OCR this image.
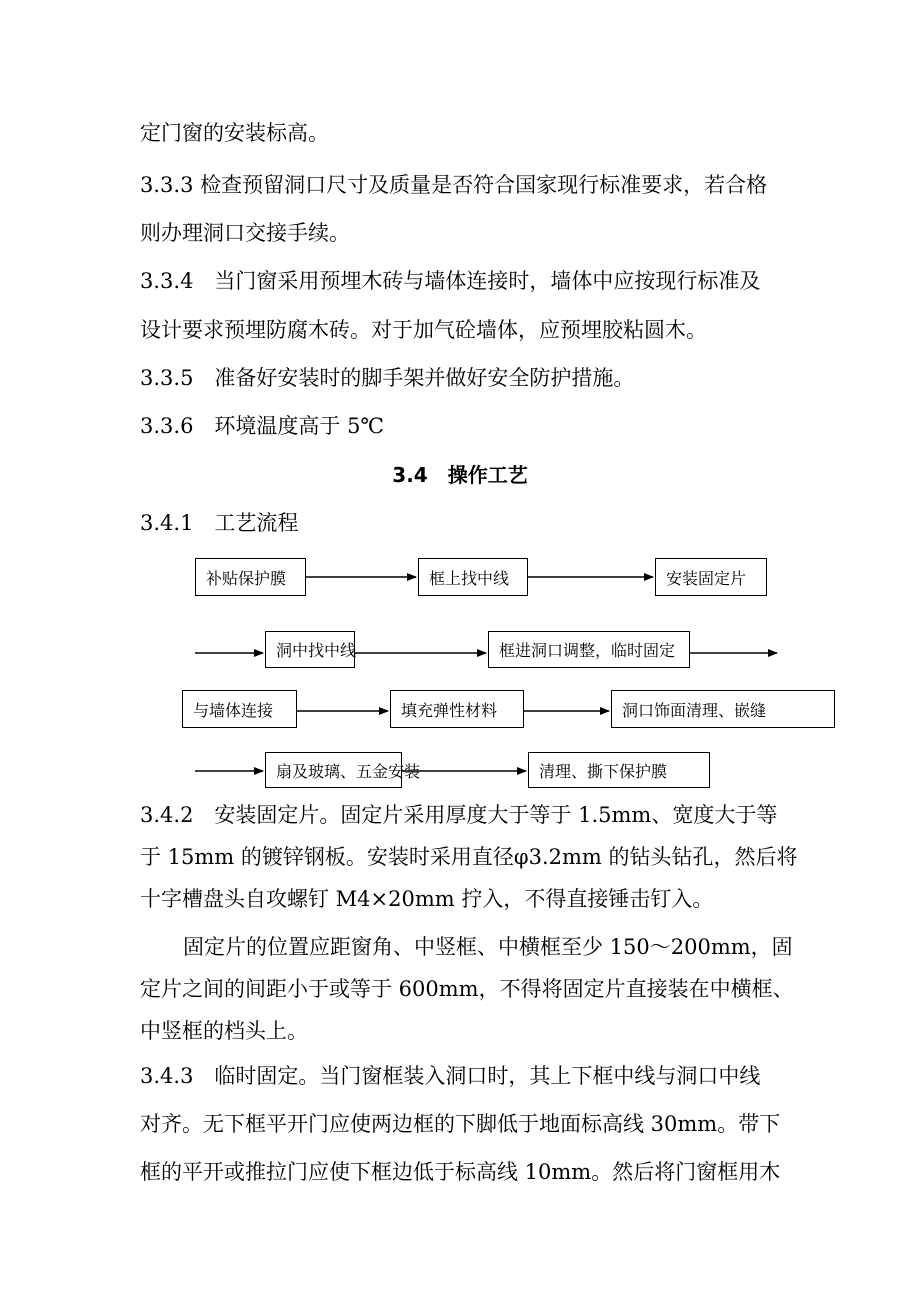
定门窗的安装标高。
3.3.3 检查预留洞口尺寸及质量是否符合国家现行标准要求，若合格
则办理洞口交接手续。
3.3.4　当门窗采用预埋木砖与墙体连接时，墙体中应按现行标准及
设计要求预埋防腐木砖。对于加气砼墙体，应预埋胶粘圆木。
3.3.5　准备好安装时的脚手架并做好安全防护措施。
3.3.6　环境温度高于 5℃
3.4　操作工艺
3.4.1　工艺流程
补贴保护膜	框上找中线	安装固定片
洞中找中线	框进洞口调整，临时固定
与墙体连接	填充弹性材料	洞口饰面清理、嵌缝
扇及玻璃、五金安装	清理、撕下保护膜
3.4.2　安装固定片。固定片采用厚度大于等于 1.5mm、宽度大于等
于 15mm 的镀锌钢板。安装时采用直径φ3.2mm 的钻头钻孔，然后将
十字槽盘头自攻螺钉 M4×20mm 拧入，不得直接锤击钉入。
固定片的位置应距窗角、中竖框、中横框至少 150～200mm，固
定片之间的间距小于或等于 600mm，不得将固定片直接装在中横框、
中竖框的档头上。
3.4.3　临时固定。当门窗框装入洞口时，其上下框中线与洞口中线
对齐。无下框平开门应使两边框的下脚低于地面标高线 30mm。带下
框的平开或推拉门应使下框边低于标高线 10mm。然后将门窗框用木
